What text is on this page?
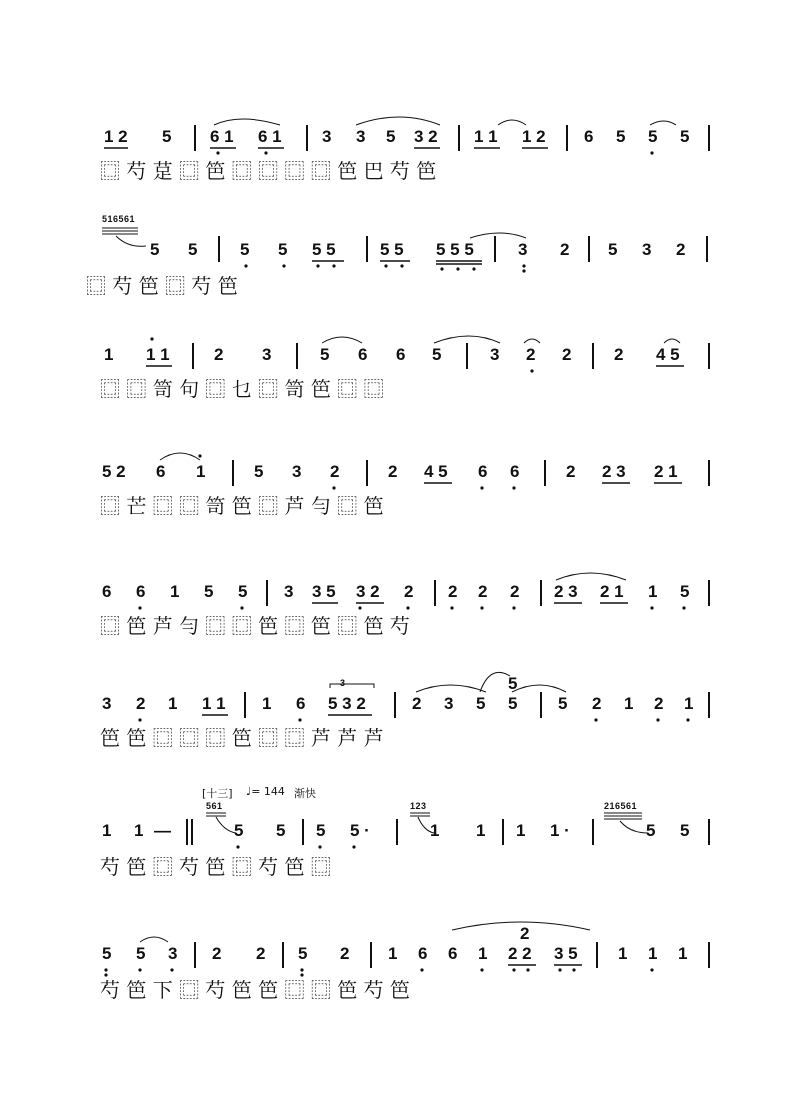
1 2 5 6 1 6 1 3 3 5 3 2 1 1 1 2 6 5 5 5
⿴ 芍 莡 ⿴ 笆 ⿴ ⿴ ⿴ ⿴ 笆 巴 芍 笆
516561
5 5	5 5 5 5	5 5 5 5 5	3 2 5 3 2
⿴ 芍 笆 ⿴ 芍 笆
1 1 1	2 3	5 6 6 5	3 2 2	2 4 5
⿴ ⿴ 笥 句 ⿴ 乜 ⿴ 笥 笆 ⿴ ⿴
5 2 6 1	5 3 2	2 4 5 6 6	2 2 3 2 1
⿴ 芒 ⿴ ⿴ 笥 笆 ⿴ 芦 勻 ⿴ 笆
6 6 1 5 5 3 3 5 3 2 2 2 2 2 2 3 2 1 1 5
⿴ 笆 芦 勻 ⿴ ⿴ 笆 ⿴ 笆 ⿴ 笆 芍
3 2 1 1 1 1 6
3
5 3 2	2 3 5
5
5 5 2 1 2 1
笆 笆 ⿴ ⿴ ⿴ 笆 ⿴ ⿴ 芦 芦 芦
[十三] ♩= 144 渐快
561	123	216561
1 1 —	5 5 5 5 ·	1 1 1 1 ·	5 5
芍 笆 ⿴ 芍 笆 ⿴ 芍 笆 ⿴
5 5 3 2 2 5 2 1 6 6 1
2
2 2 3 5 1 1 1
芍 笆 下 ⿴ 芍 笆 笆 ⿴ ⿴ 笆 芍 笆
